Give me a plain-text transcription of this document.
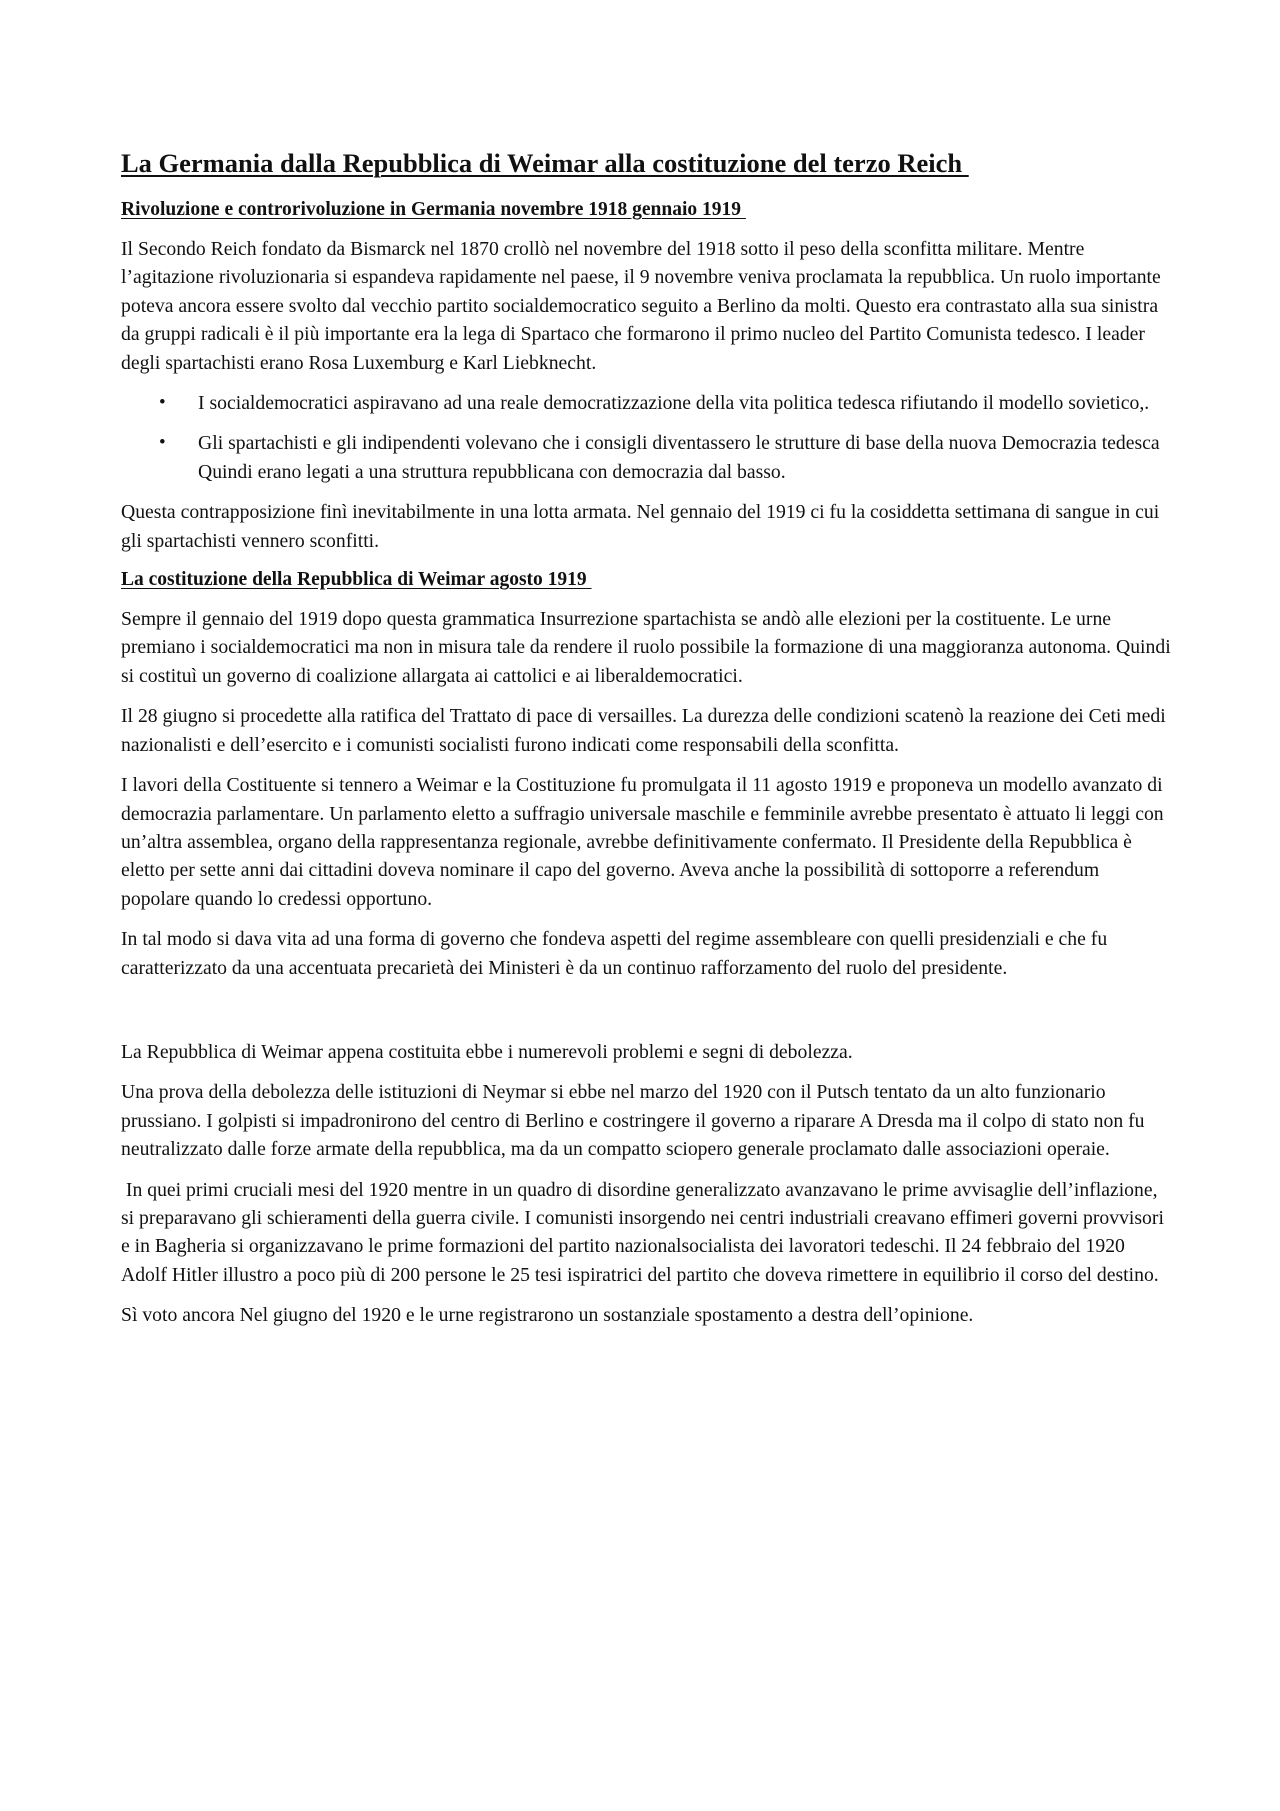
La Germania dalla Repubblica di Weimar alla costituzione del terzo Reich
Rivoluzione e controrivoluzione in Germania novembre 1918 gennaio 1919

Il Secondo Reich fondato da Bismarck nel 1870 crollò nel novembre del 1918 sotto il peso della sconfitta militare. Mentre l’agitazione rivoluzionaria si espandeva rapidamente nel paese, il 9 novembre veniva proclamata la repubblica. Un ruolo importante poteva ancora essere svolto dal vecchio partito socialdemocratico seguito a Berlino da molti. Questo era contrastato alla sua sinistra da gruppi radicali è il più importante era la lega di Spartaco che formarono il primo nucleo del Partito Comunista tedesco. I leader degli spartachisti erano Rosa Luxemburg e Karl Liebknecht.

• I socialdemocratici aspiravano ad una reale democratizzazione della vita politica tedesca rifiutando il modello sovietico,.
• Gli spartachisti e gli indipendenti volevano che i consigli diventassero le strutture di base della nuova Democrazia tedesca Quindi erano legati a una struttura repubblicana con democrazia dal basso.

Questa contrapposizione finì inevitabilmente in una lotta armata. Nel gennaio del 1919 ci fu la cosiddetta settimana di sangue in cui gli spartachisti vennero sconfitti.

La costituzione della Repubblica di Weimar agosto 1919

Sempre il gennaio del 1919 dopo questa grammatica Insurrezione spartachista se andò alle elezioni per la costituente. Le urne premiano i socialdemocratici ma non in misura tale da rendere il ruolo possibile la formazione di una maggioranza autonoma. Quindi si costituì un governo di coalizione allargata ai cattolici e ai liberaldemocratici.

Il 28 giugno si procedette alla ratifica del Trattato di pace di versailles. La durezza delle condizioni scatenò la reazione dei Ceti medi nazionalisti e dell’esercito e i comunisti socialisti furono indicati come responsabili della sconfitta.

I lavori della Costituente si tennero a Weimar e la Costituzione fu promulgata il 11 agosto 1919 e proponeva un modello avanzato di democrazia parlamentare. Un parlamento eletto a suffragio universale maschile e femminile avrebbe presentato è attuato li leggi con un’altra assemblea, organo della rappresentanza regionale, avrebbe definitivamente confermato. Il Presidente della Repubblica è eletto per sette anni dai cittadini doveva nominare il capo del governo. Aveva anche la possibilità di sottoporre a referendum popolare quando lo credessi opportuno.

In tal modo si dava vita ad una forma di governo che fondeva aspetti del regime assembleare con quelli presidenziali e che fu caratterizzato da una accentuata precarietà dei Ministeri è da un continuo rafforzamento del ruolo del presidente.

La Repubblica di Weimar appena costituita ebbe i numerevoli problemi e segni di debolezza.

Una prova della debolezza delle istituzioni di Neymar si ebbe nel marzo del 1920 con il Putsch tentato da un alto funzionario prussiano. I golpisti si impadronirono del centro di Berlino e costringere il governo a riparare A Dresda ma il colpo di stato non fu neutralizzato dalle forze armate della repubblica, ma da un compatto sciopero generale proclamato dalle associazioni operaie.

In quei primi cruciali mesi del 1920 mentre in un quadro di disordine generalizzato avanzavano le prime avvisaglie dell’inflazione, si preparavano gli schieramenti della guerra civile. I comunisti insorgendo nei centri industriali creavano effimeri governi provvisori e in Bagheria si organizzavano le prime formazioni del partito nazionalsocialista dei lavoratori tedeschi. Il 24 febbraio del 1920 Adolf Hitler illustro a poco più di 200 persone le 25 tesi ispiratrici del partito che doveva rimettere in equilibrio il corso del destino.

Sì voto ancora Nel giugno del 1920 e le urne registrarono un sostanziale spostamento a destra dell’opinione.
